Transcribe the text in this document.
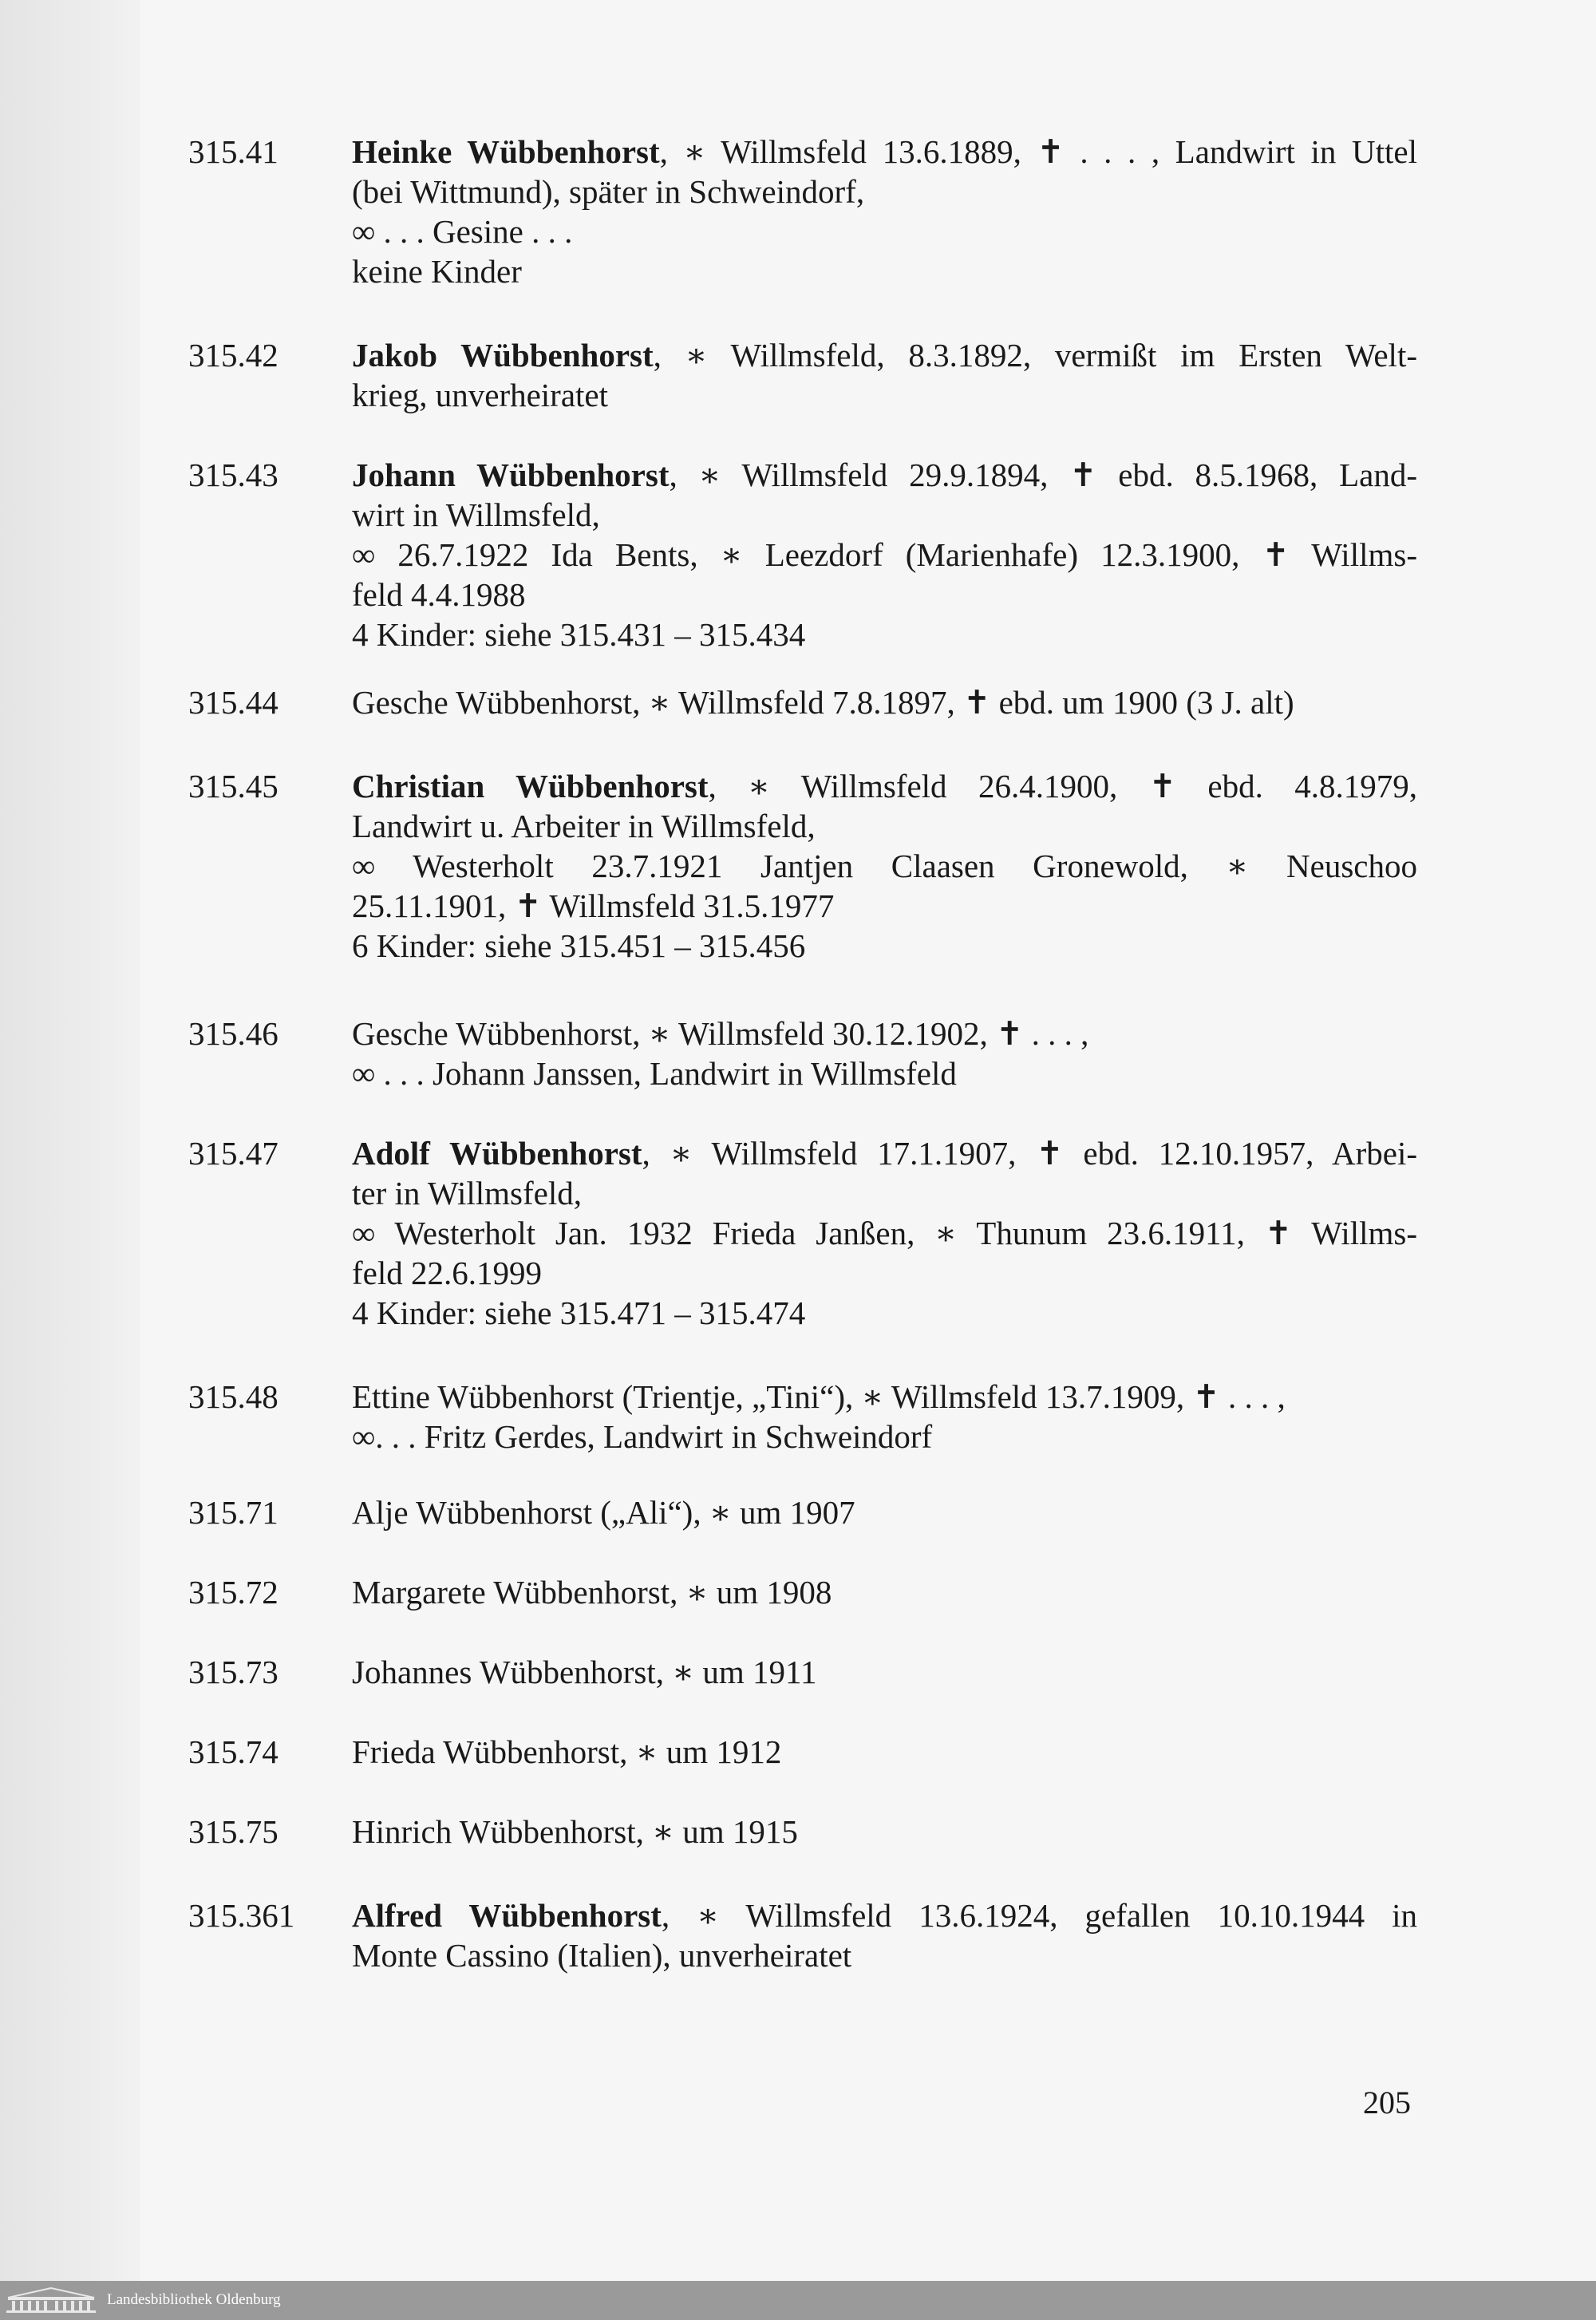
315.41	Heinke Wübbenhorst, ∗ Willmsfeld 13.6.1889, ✝ . . . , Landwirt in Uttel
(bei Wittmund), später in Schweindorf,
∞ . . . Gesine . . .
keine Kinder
315.42	Jakob Wübbenhorst, ∗ Willmsfeld, 8.3.1892, vermißt im Ersten Welt-
krieg, unverheiratet
315.43	Johann Wübbenhorst, ∗ Willmsfeld 29.9.1894, ✝ ebd. 8.5.1968, Land-
wirt in Willmsfeld,
∞ 26.7.1922 Ida Bents, ∗ Leezdorf (Marienhafe) 12.3.1900, ✝ Willms-
feld 4.4.1988
4 Kinder: siehe 315.431 – 315.434
315.44	Gesche Wübbenhorst, ∗ Willmsfeld 7.8.1897, ✝ ebd. um 1900 (3 J. alt)
315.45	Christian Wübbenhorst, ∗ Willmsfeld 26.4.1900, ✝ ebd. 4.8.1979,
Landwirt u. Arbeiter in Willmsfeld,
∞ Westerholt 23.7.1921 Jantjen Claasen Gronewold, ∗ Neuschoo
25.11.1901, ✝ Willmsfeld 31.5.1977
6 Kinder: siehe 315.451 – 315.456
315.46	Gesche Wübbenhorst, ∗ Willmsfeld 30.12.1902, ✝ . . . ,
∞ . . . Johann Janssen, Landwirt in Willmsfeld
315.47	Adolf Wübbenhorst, ∗ Willmsfeld 17.1.1907, ✝ ebd. 12.10.1957, Arbei-
ter in Willmsfeld,
∞ Westerholt Jan. 1932 Frieda Janßen, ∗ Thunum 23.6.1911, ✝ Willms-
feld 22.6.1999
4 Kinder: siehe 315.471 – 315.474
315.48	Ettine Wübbenhorst (Trientje, „Tini“), ∗ Willmsfeld 13.7.1909, ✝ . . . ,
∞. . . Fritz Gerdes, Landwirt in Schweindorf
315.71	Alje Wübbenhorst („Ali“), ∗ um 1907
315.72	Margarete Wübbenhorst, ∗ um 1908
315.73	Johannes Wübbenhorst, ∗ um 1911
315.74	Frieda Wübbenhorst, ∗ um 1912
315.75	Hinrich Wübbenhorst, ∗ um 1915
315.361	Alfred Wübbenhorst, ∗ Willmsfeld 13.6.1924, gefallen 10.10.1944 in
Monte Cassino (Italien), unverheiratet
205
Landesbibliothek Oldenburg
